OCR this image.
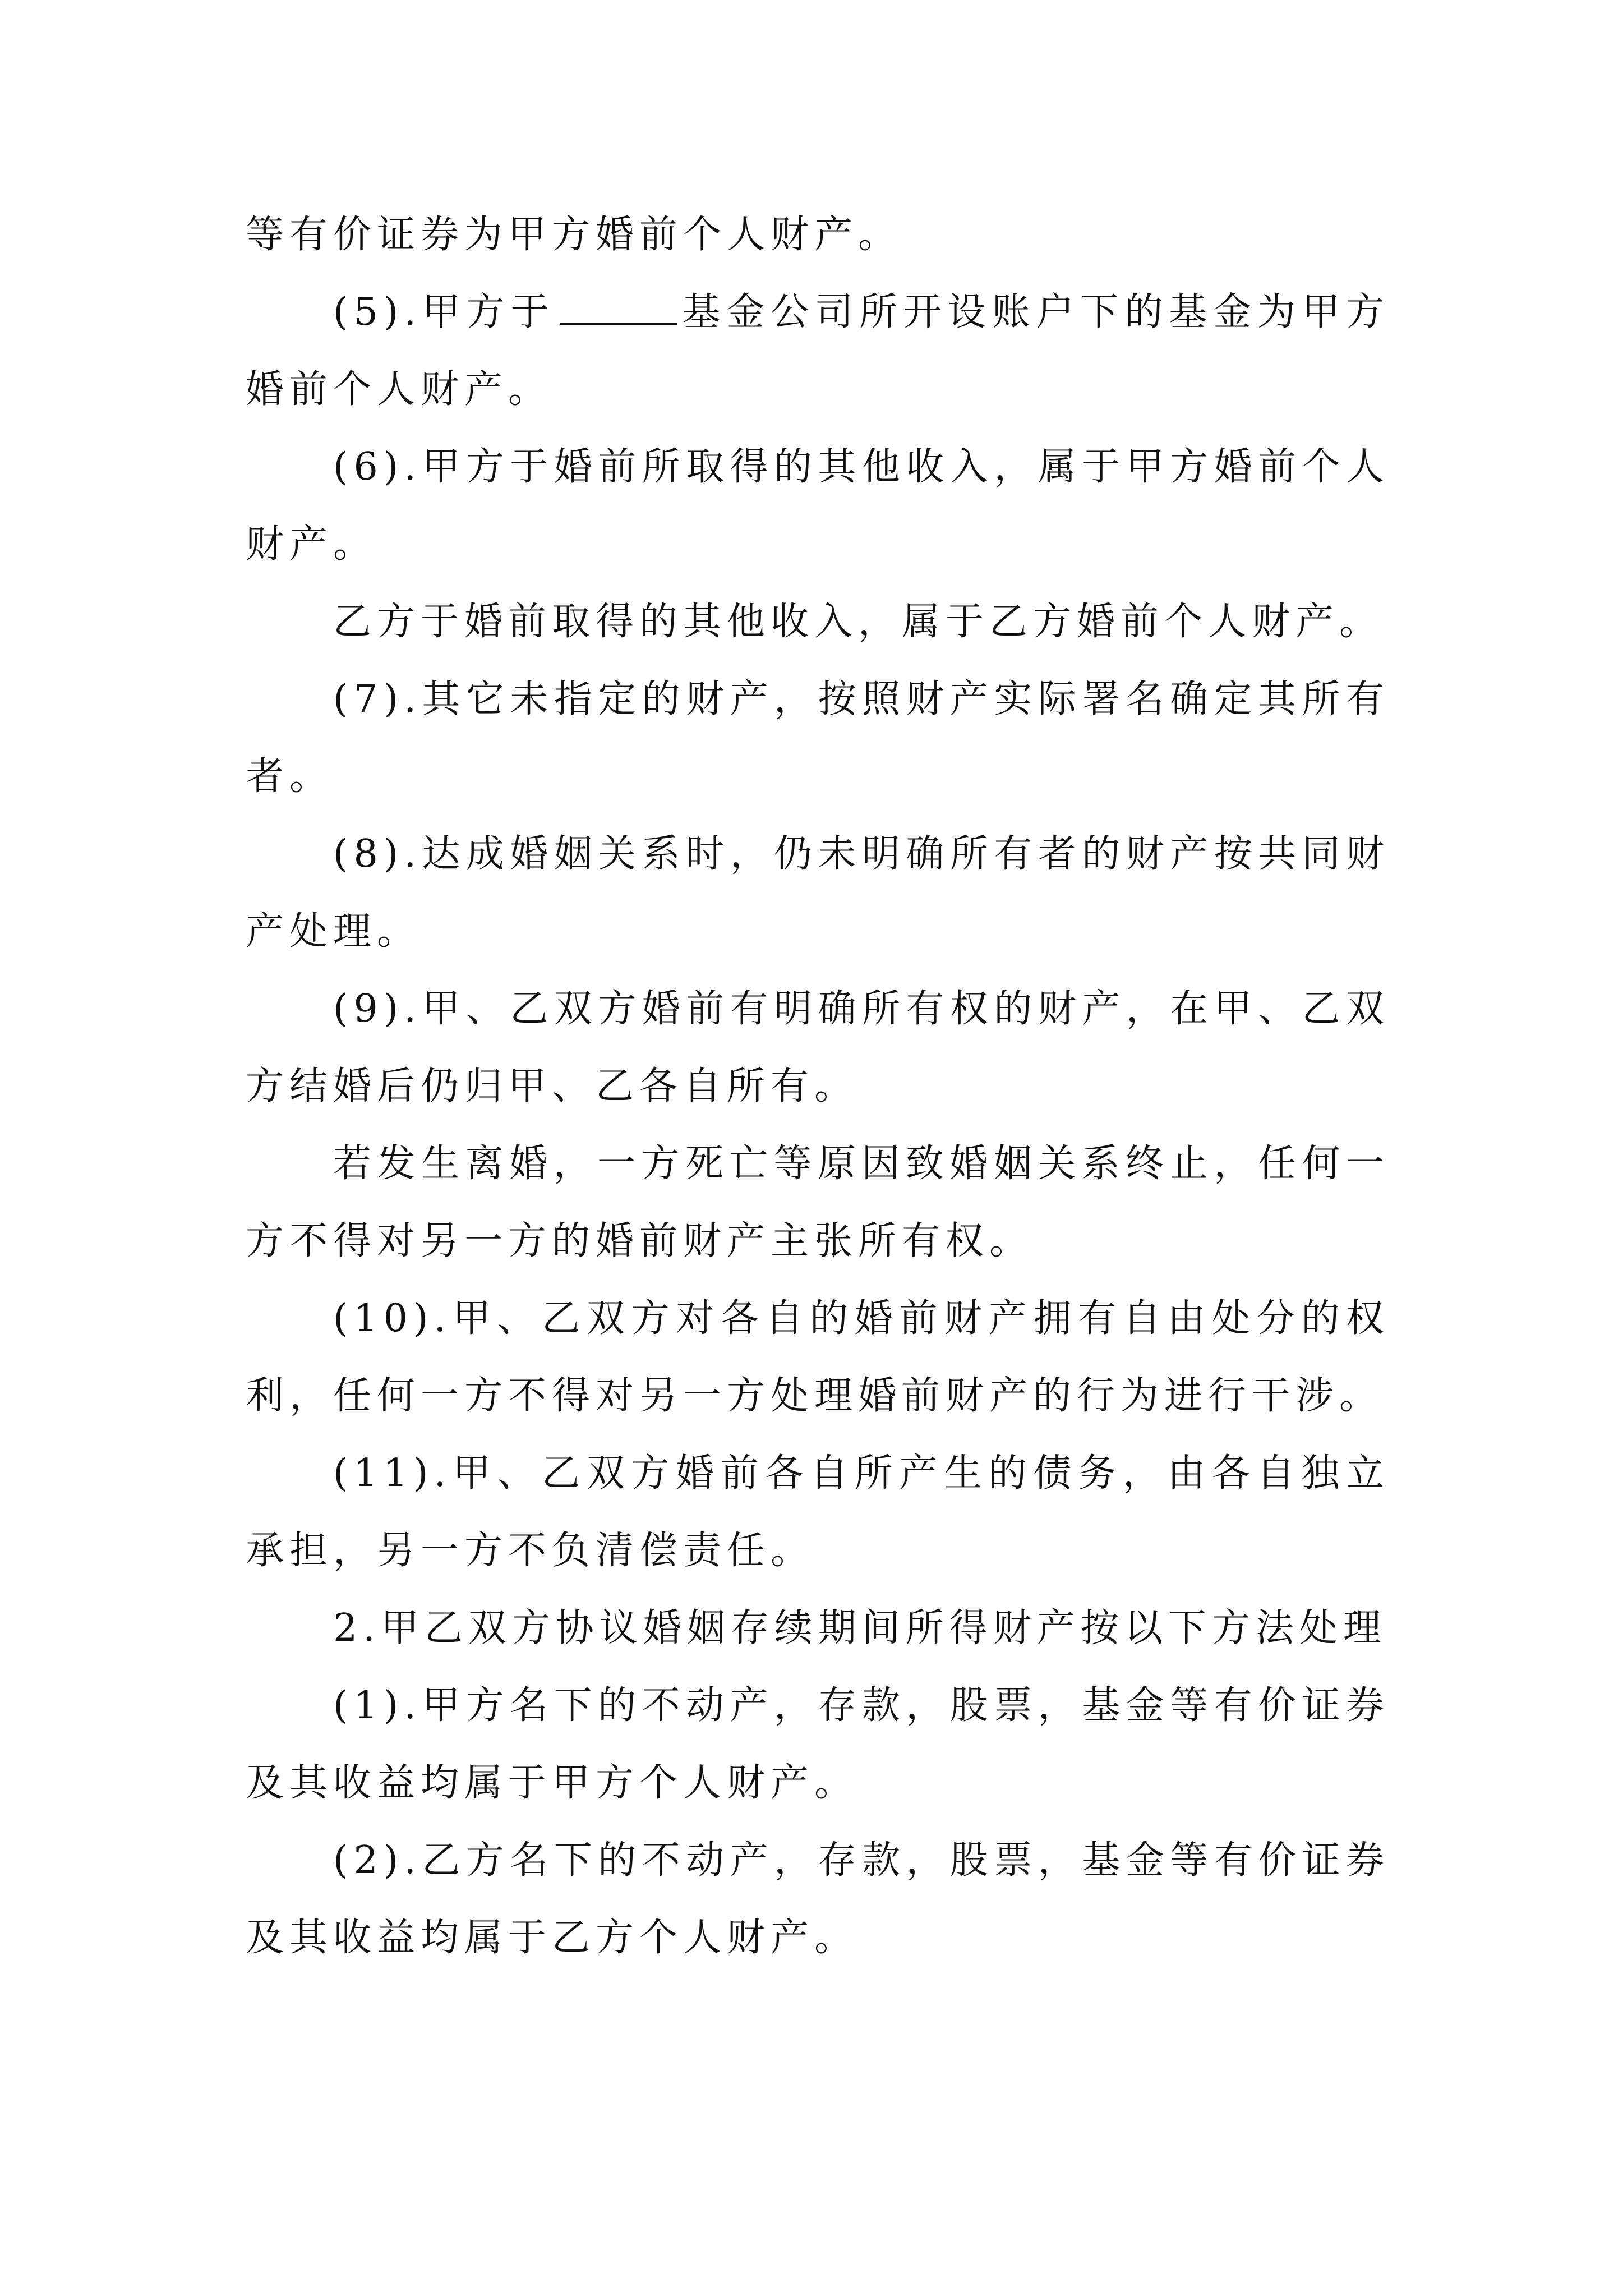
等有价证券为甲方婚前个人财产。

(5).甲方于	基金公司所开设账户下的基金为甲方婚前个人财产。

(6).甲方于婚前所取得的其他收入，属于甲方婚前个人财产。

乙方于婚前取得的其他收入，属于乙方婚前个人财产。

(7).其它未指定的财产，按照财产实际署名确定其所有者。

(8).达成婚姻关系时，仍未明确所有者的财产按共同财产处理。

(9).甲、乙双方婚前有明确所有权的财产，在甲、乙双方结婚后仍归甲、乙各自所有。

若发生离婚，一方死亡等原因致婚姻关系终止，任何一方不得对另一方的婚前财产主张所有权。

(10).甲、乙双方对各自的婚前财产拥有自由处分的权利，任何一方不得对另一方处理婚前财产的行为进行干涉。

(11).甲、乙双方婚前各自所产生的债务，由各自独立承担，另一方不负清偿责任。

2.甲乙双方协议婚姻存续期间所得财产按以下方法处理

(1).甲方名下的不动产，存款，股票，基金等有价证券及其收益均属于甲方个人财产。

(2).乙方名下的不动产，存款，股票，基金等有价证券及其收益均属于乙方个人财产。
